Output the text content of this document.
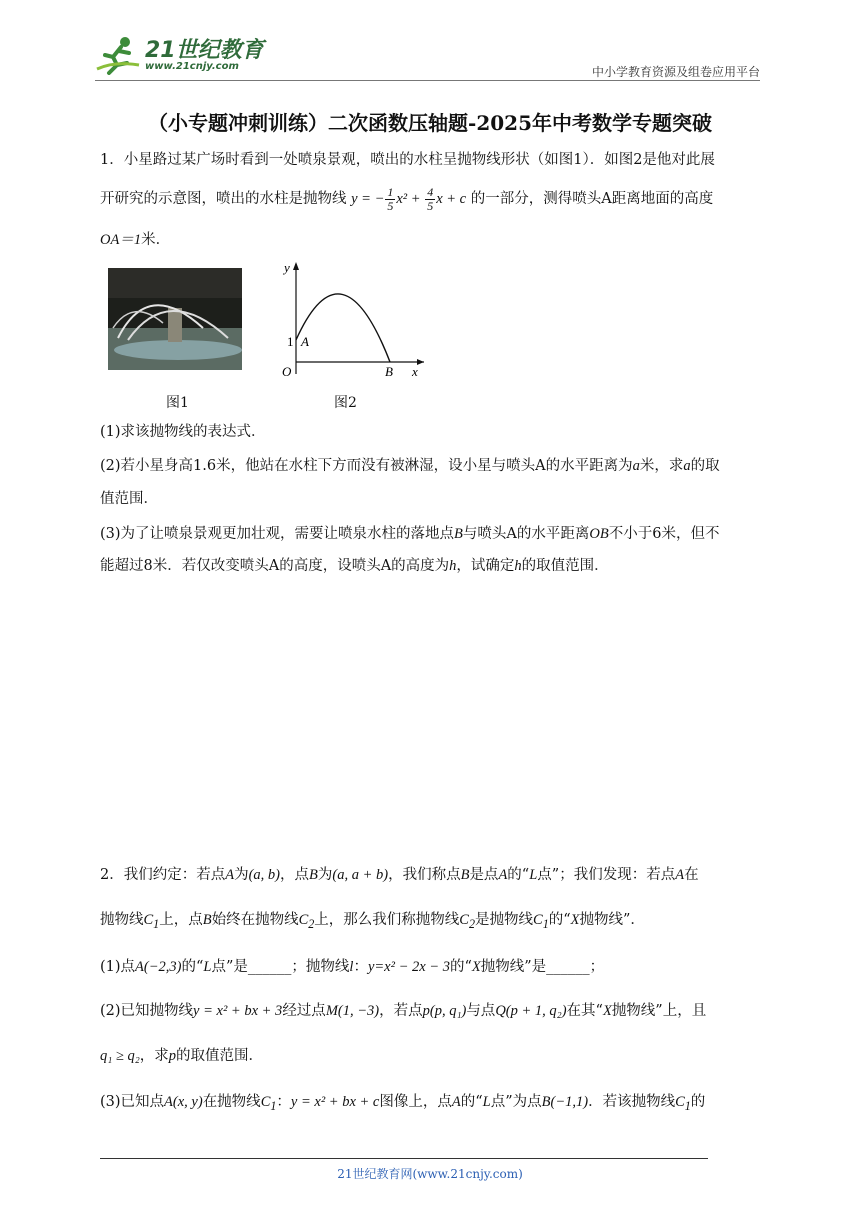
21世纪教育
www.21cnjy.com	中小学教育资源及组卷应用平台
（小专题冲刺训练）二次函数压轴题-2025年中考数学专题突破
1．小星路过某广场时看到一处喷泉景观，喷出的水柱呈抛物线形状（如图1）．如图2是他对此展
开研究的示意图，喷出的水柱是抛物线 y = − $\frac{1}{5} x^2 + \frac{4}{5}$ x + c 的一部分，测得喷头A距离地面的高度
OA＝1米．
图1
y
x
O
1 A
B
图2
(1)求该抛物线的表达式．
(2)若小星身高1.6米，他站在水柱下方而没有被淋湿，设小星与喷头A的水平距离为a米，求a的取
值范围．
(3)为了让喷泉景观更加壮观，需要让喷泉水柱的落地点B与喷头A的水平距离OB不小于6米，但不
能超过8米．若仅改变喷头A的高度，设喷头A的高度为h，试确定h的取值范围．
2．我们约定：若点A为(a, b)，点B为(a, a + b)，我们称点B是点A的“L点”；我们发现：若点A在
抛物线$C_1$上，点B始终在抛物线$C_2$上，那么我们称抛物线$C_2$是抛物线$C_1$的“X抛物线”．
(1)点A(−2,3)的“L点”是______；抛物线l：y=x² − 2x − 3的“X抛物线”是______；
(2)已知抛物线y = x² + bx + 3经过点M(1, −3)，若点p(p, q₁)与点Q(p + 1, q₂)在其“X抛物线”上，且
q₁ ≥ q₂，求p的取值范围．
(3)已知点A(x, y)在抛物线$C_1$：y = x² + bx + c图像上，点A的“L点”为点B(−1,1)．若该抛物线$C_1$的
21世纪教育网(www.21cnjy.com)
